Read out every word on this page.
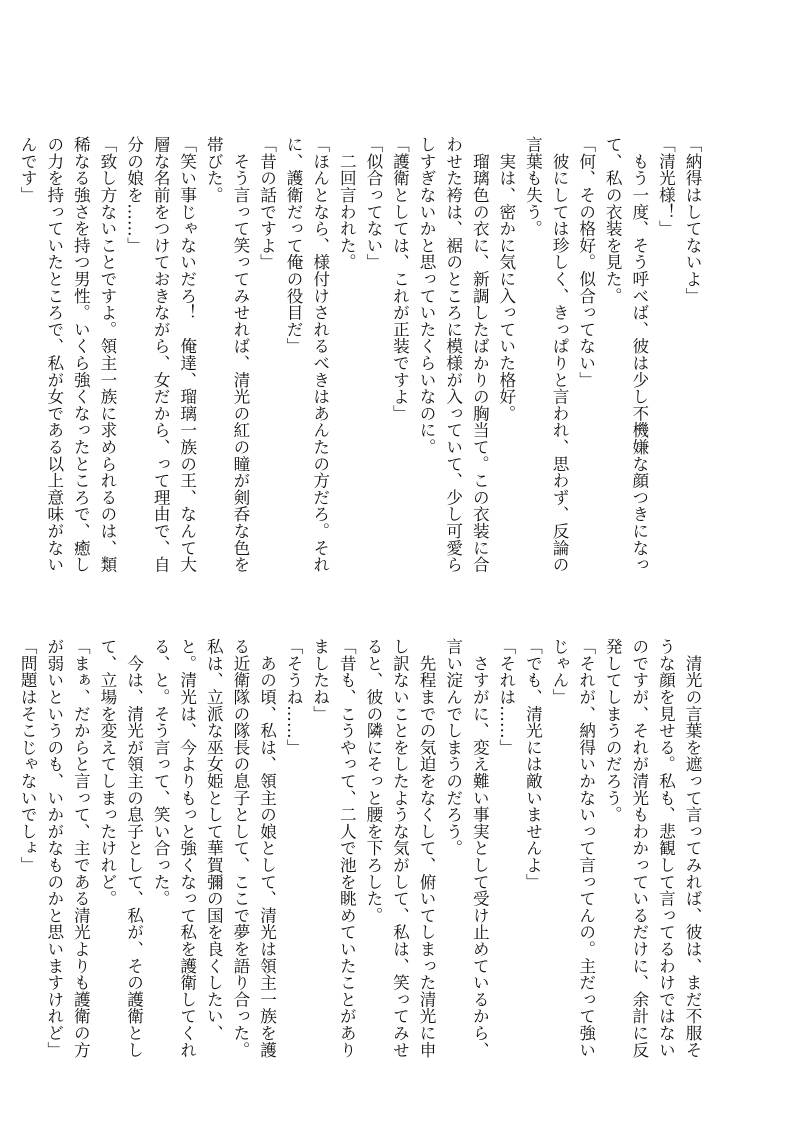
「納得はしてないよ」
「清光様！」
　もう一度、そう呼べば、彼は少し不機嫌な顔つきになっ
て、私の衣装を見た。
「何、その格好。似合ってない」
　彼にしては珍しく、きっぱりと言われ、思わず、反論の
言葉も失う。
　実は、密かに気に入っていた格好。
　瑠璃色の衣に、新調したばかりの胸当て。この衣装に合
わせた袴は、裾のところに模様が入っていて、少し可愛ら
しすぎないかと思っていたくらいなのに。
「護衛としては、これが正装ですよ」
「似合ってない」
　二回言われた。
「ほんとなら、様付けされるべきはあんたの方だろ。それ
に、護衛だって俺の役目だ」
「昔の話ですよ」
　そう言って笑ってみせれば、清光の紅の瞳が剣呑な色を
帯びた。
「笑い事じゃないだろ！　俺達、瑠璃一族の王、なんて大
層な名前をつけておきながら、女だから、って理由で、自
分の娘を……」
「致し方ないことですよ。領主一族に求められるのは、類
稀なる強さを持つ男性。いくら強くなったところで、癒し
の力を持っていたところで、私が女である以上意味がない
んです」
　清光の言葉を遮って言ってみれば、彼は、まだ不服そ
うな顔を見せる。私も、悲観して言ってるわけではない
のですが、それが清光もわかっているだけに、余計に反
発してしまうのだろう。
「それが、納得いかないって言ってんの。主だって強い
じゃん」
「でも、清光には敵いませんよ」
「それは……」
　さすがに、変え難い事実として受け止めているから、
言い淀んでしまうのだろう。
　先程までの気迫をなくして、俯いてしまった清光に申
し訳ないことをしたような気がして、私は、笑ってみせ
ると、彼の隣にそっと腰を下ろした。
「昔も、こうやって、二人で池を眺めていたことがあり
ましたね」
「そうね……」
　あの頃、私は、領主の娘として、清光は領主一族を護
る近衛隊の隊長の息子として、ここで夢を語り合った。
私は、立派な巫女姫として華賀彌の国を良くしたい、
と。清光は、今よりもっと強くなって私を護衛してくれ
る、と。そう言って、笑い合った。
　今は、清光が領主の息子として、私が、その護衛とし
て、立場を変えてしまったけれど。
「まぁ、だからと言って、主である清光よりも護衛の方
が弱いというのも、いかがなものかと思いますけれど」
「問題はそこじゃないでしょ」
